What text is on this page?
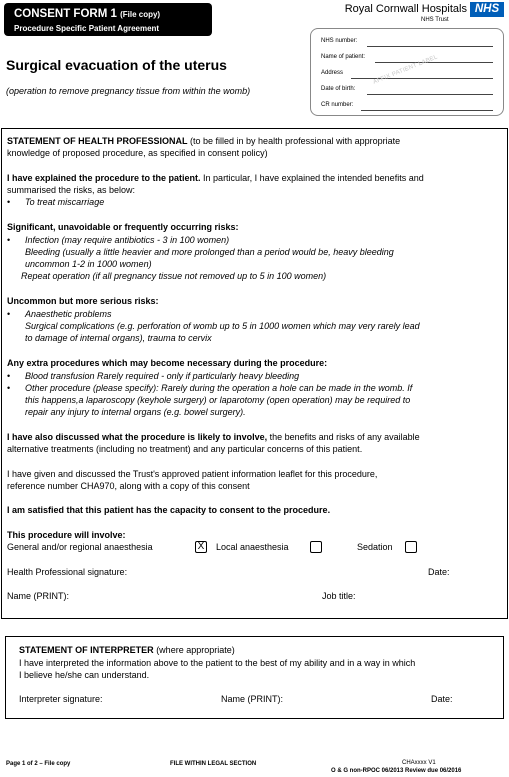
CONSENT FORM 1 (File copy)
Procedure Specific Patient Agreement
Royal Cornwall Hospitals NHS
NHS Trust
NHS number:
Name of patient:
Address
Date of birth:
CR number:
AFFIX PATIENT LABEL
Surgical evacuation of the uterus
(operation to remove pregnancy tissue from within the womb)
STATEMENT OF HEALTH PROFESSIONAL (to be filled in by health professional with appropriate
knowledge of proposed procedure, as specified in consent policy)
I have explained the procedure to the patient. In particular, I have explained the intended benefits and
summarised the risks, as below:
• To treat miscarriage
Significant, unavoidable or frequently occurring risks:
• Infection (may require antibiotics - 3 in 100 women)
Bleeding (usually a little heavier and more prolonged than a period would be, heavy bleeding
uncommon 1-2 in 1000 women)
Repeat operation (if all pregnancy tissue not removed up to 5 in 100 women)
Uncommon but more serious risks:
• Anaesthetic problems
Surgical complications (e.g. perforation of womb up to 5 in 1000 women which may very rarely lead
to damage of internal organs), trauma to cervix
Any extra procedures which may become necessary during the procedure:
• Blood transfusion Rarely required - only if particularly heavy bleeding
• Other procedure (please specify): Rarely during the operation a hole can be made in the womb. If
this happens,a laparoscopy (keyhole surgery) or laparotomy (open operation) may be required to
repair any injury to internal organs (e.g. bowel surgery).
I have also discussed what the procedure is likely to involve, the benefits and risks of any available
alternative treatments (including no treatment) and any particular concerns of this patient.
I have given and discussed the Trust's approved patient information leaflet for this procedure,
reference number CHA970, along with a copy of this consent
I am satisfied that this patient has the capacity to consent to the procedure.
This procedure will involve:
General and/or regional anaesthesia	X Local anaesthesia	Sedation
Health Professional signature:	Date:
Name (PRINT):	Job title:
STATEMENT OF INTERPRETER (where appropriate)
I have interpreted the information above to the patient to the best of my ability and in a way in which
I believe he/she can understand.
Interpreter signature:	Name (PRINT):	Date:
Page 1 of 2 – File copy	FILE WITHIN LEGAL SECTION	CHAxxxx V1
O & G non-RPOC 06/2013 Review due 06/2016
